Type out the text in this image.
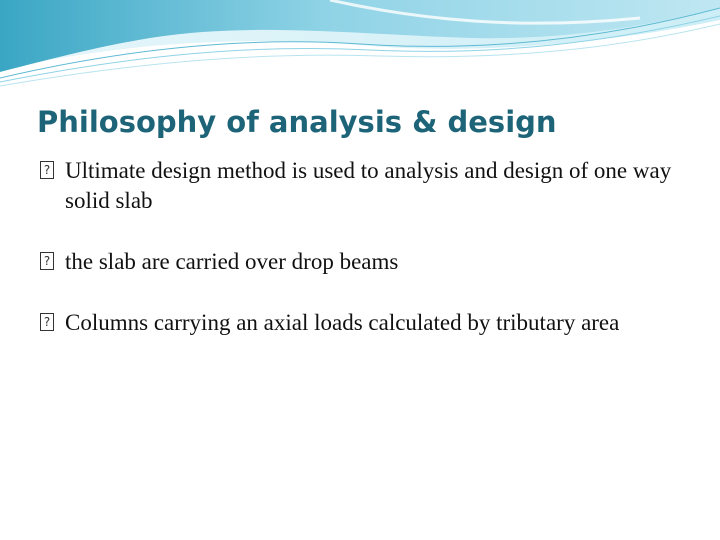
Philosophy of analysis & design
? Ultimate design method is used to analysis and design of one way solid slab
? the slab are carried over drop beams
? Columns carrying an axial loads calculated by tributary area
